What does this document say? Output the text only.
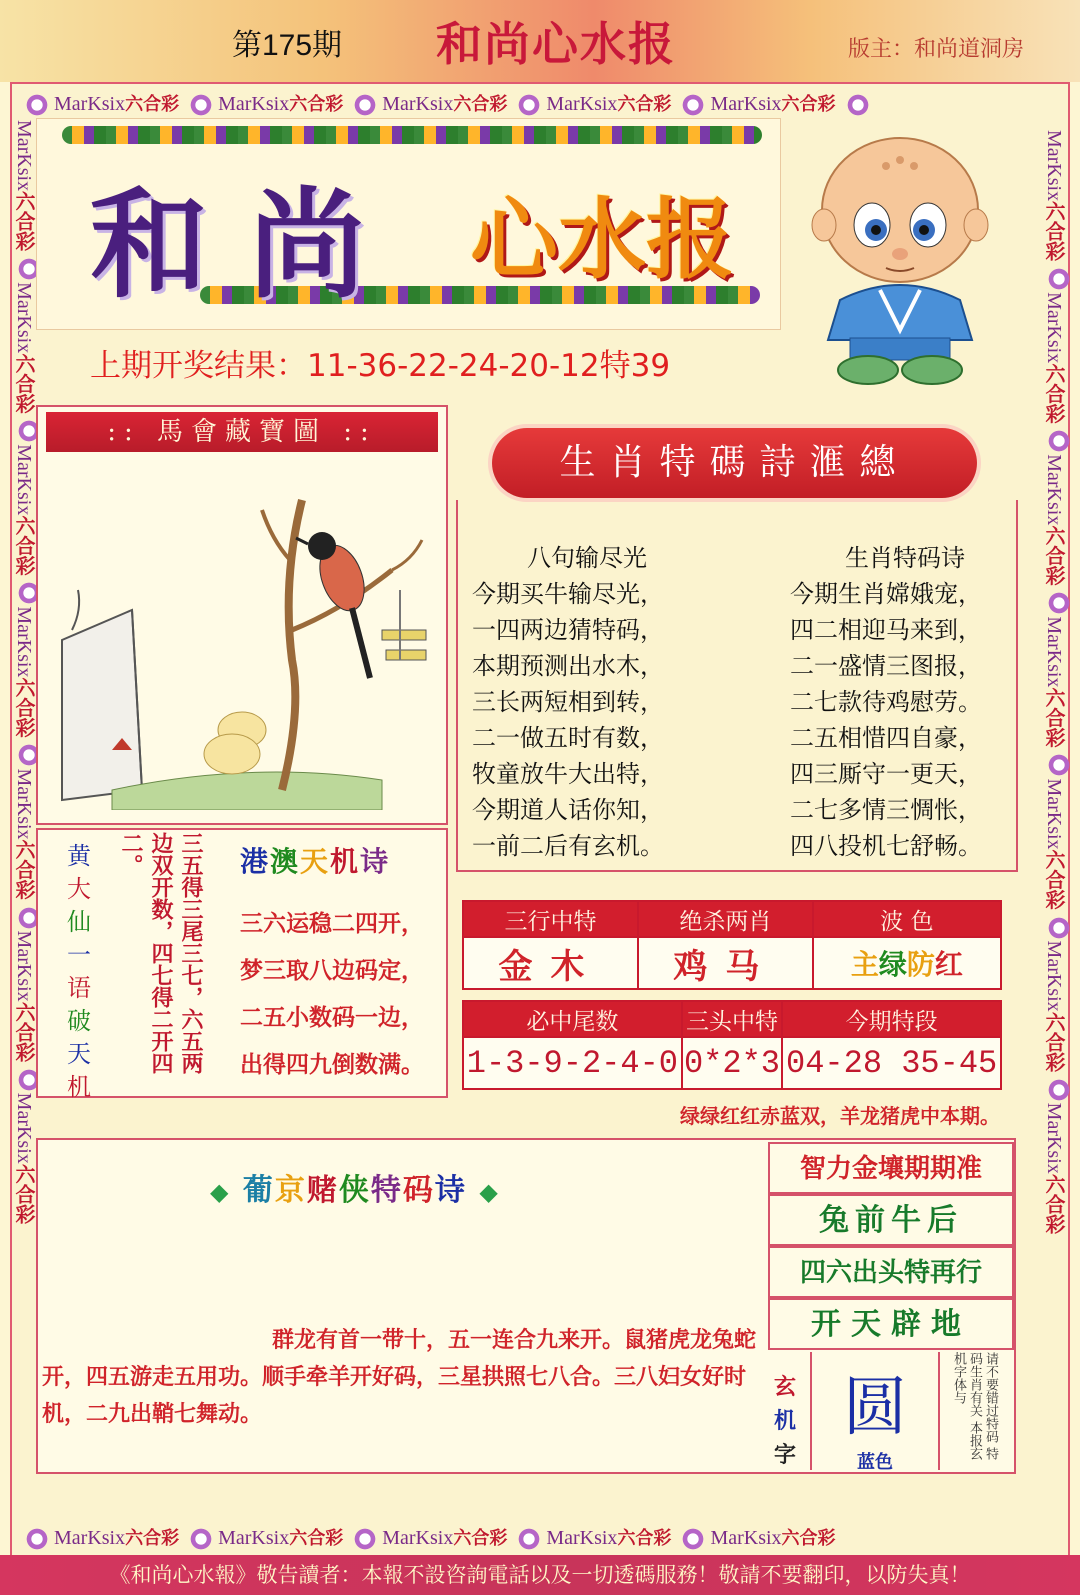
第175期 和尚心水报	版主：和尚道洞房
MarKsix六合彩 MarKsix六合彩 MarKsix六合彩 MarKsix六合彩 MarKsix六合彩
MarKsix六合彩 MarKsix六合彩 MarKsix六合彩 MarKsix六合彩 MarKsix六合彩
MarKsix六合彩 MarKsix六合彩 MarKsix六合彩 MarKsix六合彩 MarKsix六合彩 MarKsix六合彩 MarKsix六合彩
MarKsix六合彩 MarKsix六合彩 MarKsix六合彩 MarKsix六合彩 MarKsix六合彩 MarKsix六合彩 MarKsix六合彩
和尚 心水报
上期开奖结果：11-36-22-24-20-12特39
:: 馬會藏寶圖 ::
生肖特碼詩滙總
八句输尽光
今期买牛输尽光，
一四两边猜特码，
本期预测出水木，
三长两短相到转，
二一做五时有数，
牧童放牛大出特，
今期道人话你知，
一前二后有玄机。
生肖特码诗
今期生肖嫦娥宠，
四二相迎马来到，
二一盛情三图报，
二七款待鸡慰劳。
二五相惜四自豪，
四三厮守一更天，
二七多情三惆怅，
四八投机七舒畅。
黄
大
仙
一
语
破
天
机
三五得三尾三七，六五两边双开数，四七得二开四二。	港澳天机诗
三六运稳二四开，
梦三取八边码定，
二五小数码一边，
出得四九倒数满。
三行中特	绝杀两肖	波 色
金木	鸡马	主绿防红
必中尾数	三头中特	今期特段
1-3-9-2-4-0	0*2*3	04-28 35-45
绿绿红红赤蓝双，羊龙猪虎中本期。
◆ 葡京赌侠特码诗 ◆
群龙有首一带十，五一连合九来开。鼠猪虎龙兔蛇开，四五游走五用功。顺手牵羊开好码，三星拱照七八合。三八妇女好时机，二九出鞘七舞动。
智力金壤期期准
兔前牛后
四六出头特再行
开天辟地
玄
机
字
圆
蓝色
请不要错过特码 特码生肖有关 本报玄机字体与
《和尚心水報》敬告讀者：本報不設咨詢電話以及一切透碼服務！敬請不要翻印，以防失真！
